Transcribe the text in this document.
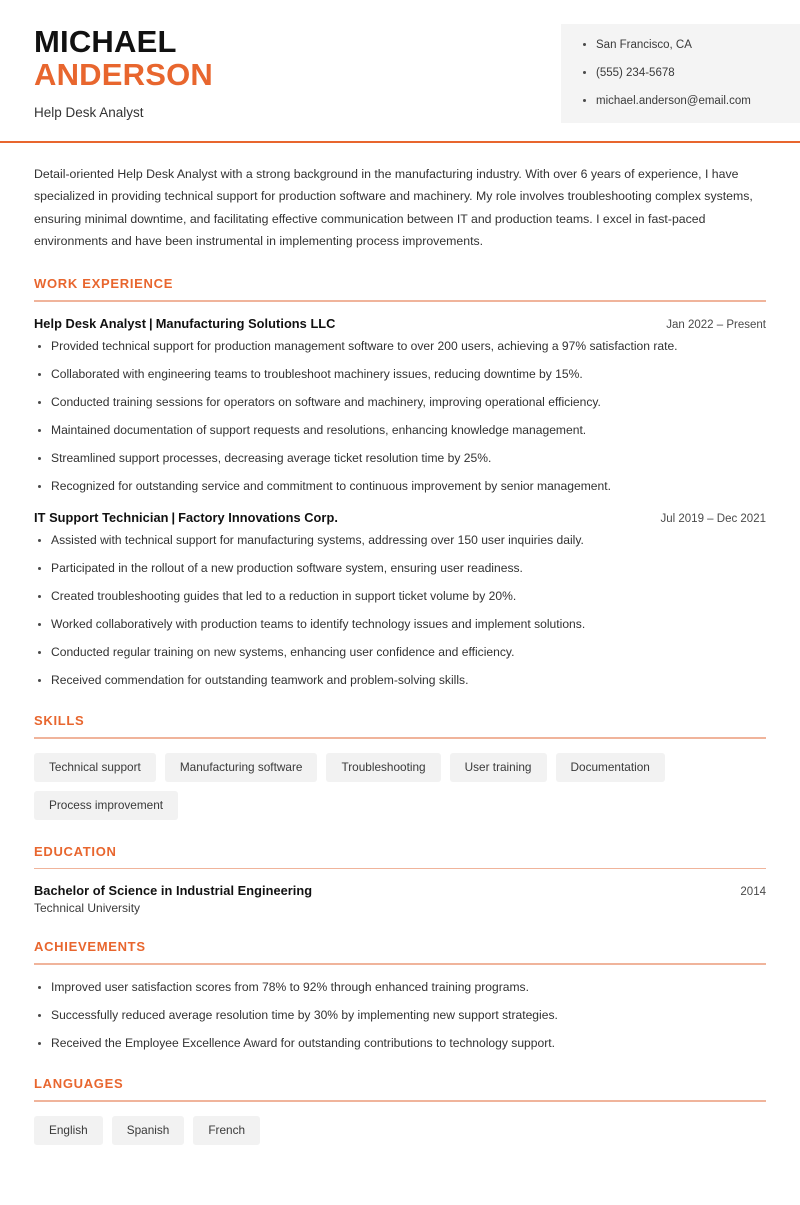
MICHAEL
ANDERSON
Help Desk Analyst
San Francisco, CA
(555) 234-5678
michael.anderson@email.com

Detail-oriented Help Desk Analyst with a strong background in the manufacturing industry. With over 6 years of experience, I have specialized in providing technical support for production software and machinery. My role involves troubleshooting complex systems, ensuring minimal downtime, and facilitating effective communication between IT and production teams. I excel in fast-paced environments and have been instrumental in implementing process improvements.

WORK EXPERIENCE
Help Desk Analyst | Manufacturing Solutions LLC	Jan 2022 – Present
Provided technical support for production management software to over 200 users, achieving a 97% satisfaction rate.
Collaborated with engineering teams to troubleshoot machinery issues, reducing downtime by 15%.
Conducted training sessions for operators on software and machinery, improving operational efficiency.
Maintained documentation of support requests and resolutions, enhancing knowledge management.
Streamlined support processes, decreasing average ticket resolution time by 25%.
Recognized for outstanding service and commitment to continuous improvement by senior management.
IT Support Technician | Factory Innovations Corp.	Jul 2019 – Dec 2021
Assisted with technical support for manufacturing systems, addressing over 150 user inquiries daily.
Participated in the rollout of a new production software system, ensuring user readiness.
Created troubleshooting guides that led to a reduction in support ticket volume by 20%.
Worked collaboratively with production teams to identify technology issues and implement solutions.
Conducted regular training on new systems, enhancing user confidence and efficiency.
Received commendation for outstanding teamwork and problem-solving skills.
SKILLS
Technical support	Manufacturing software	Troubleshooting	User training	Documentation
Process improvement
EDUCATION
Bachelor of Science in Industrial Engineering	2014
Technical University
ACHIEVEMENTS
Improved user satisfaction scores from 78% to 92% through enhanced training programs.
Successfully reduced average resolution time by 30% by implementing new support strategies.
Received the Employee Excellence Award for outstanding contributions to technology support.
LANGUAGES
English	Spanish	French
